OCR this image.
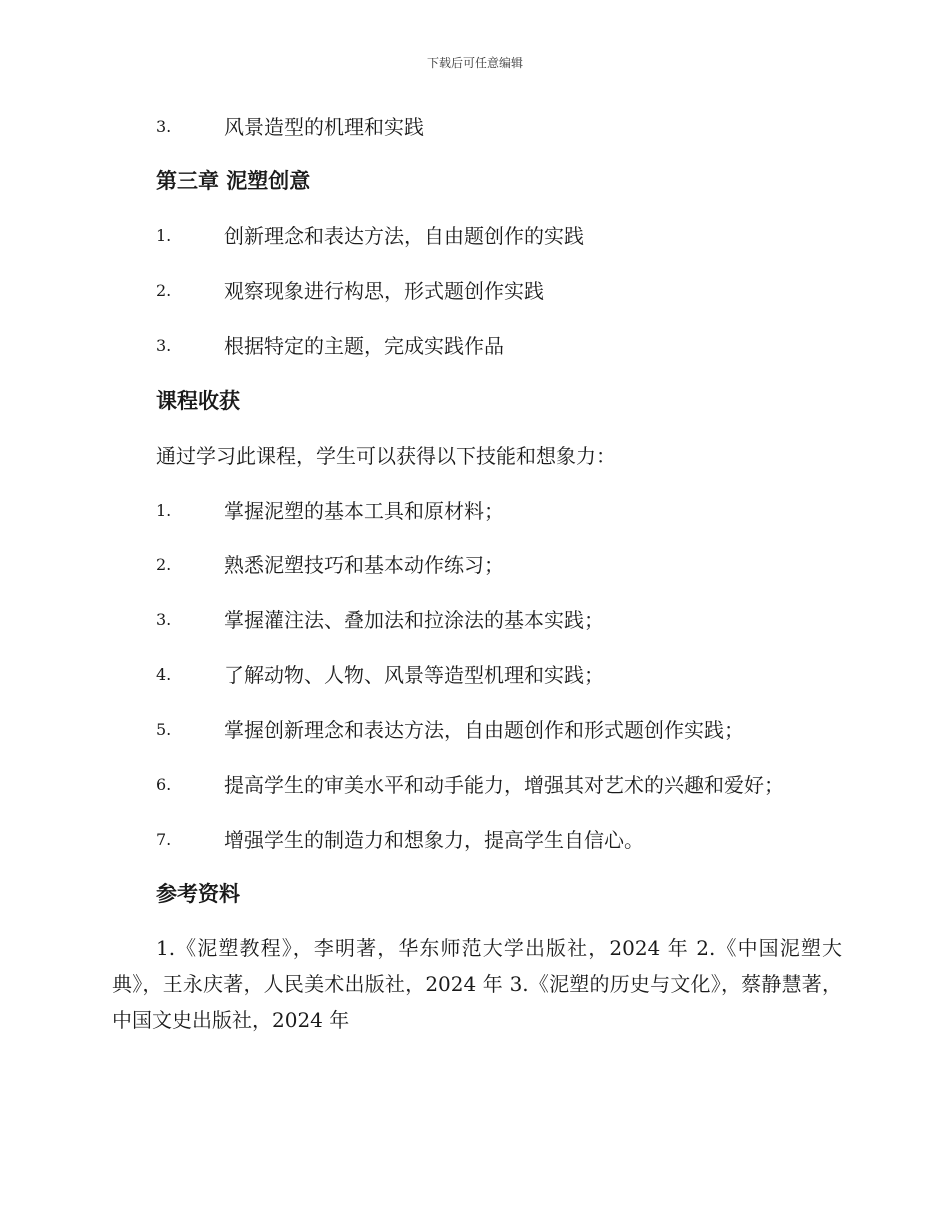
下载后可任意编辑
3.	风景造型的机理和实践
第三章 泥塑创意
1.	创新理念和表达方法，自由题创作的实践
2.	观察现象进行构思，形式题创作实践
3.	根据特定的主题，完成实践作品
课程收获
通过学习此课程，学生可以获得以下技能和想象力：
1.	掌握泥塑的基本工具和原材料；
2.	熟悉泥塑技巧和基本动作练习；
3.	掌握灌注法、叠加法和拉涂法的基本实践；
4.	了解动物、人物、风景等造型机理和实践；
5.	掌握创新理念和表达方法，自由题创作和形式题创作实践；
6.	提高学生的审美水平和动手能力，增强其对艺术的兴趣和爱好；
7.	增强学生的制造力和想象力，提高学生自信心。
参考资料
1.《泥塑教程》，李明著，华东师范大学出版社，2024 年 2.《中国泥塑大典》，王永庆著，人民美术出版社，2024 年 3.《泥塑的历史与文化》，蔡静慧著，中国文史出版社，2024 年
